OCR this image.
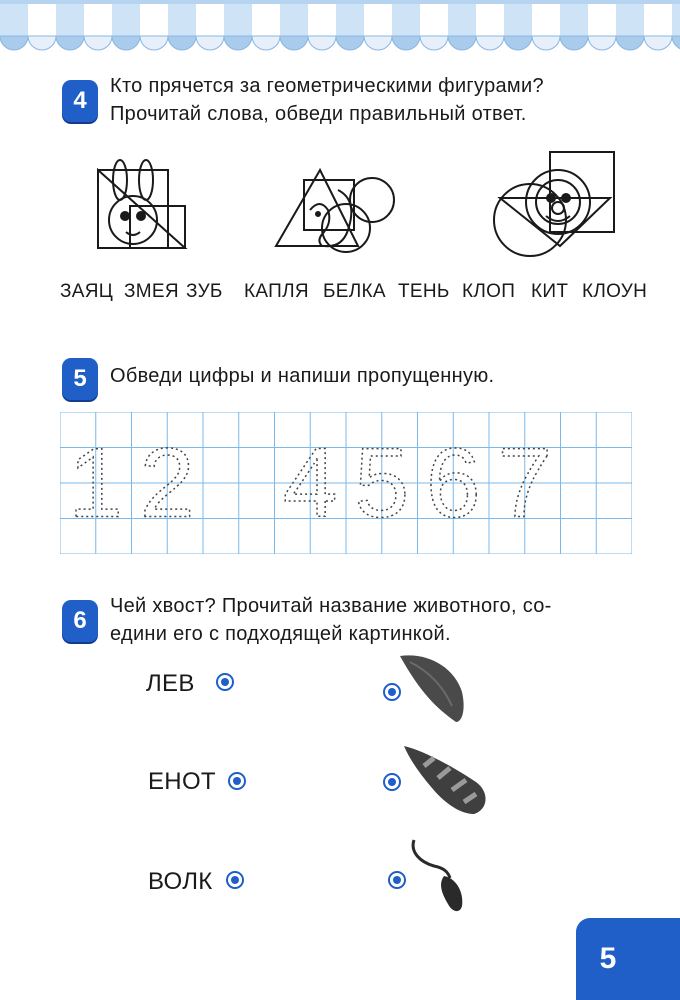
4
Кто прячется за геометрическими фигурами?
Прочитай слова, обведи правильный ответ.
ЗАЯЦ ЗМЕЯ ЗУБ КАПЛЯ БЕЛКА ТЕНЬ КЛОП КИТ КЛОУН
5	Обведи цифры и напиши пропущенную.
1 2 4 5 6 7
6
Чей хвост? Прочитай название животного, со-
едини его с подходящей картинкой.
ЛЕВ
ЕНОТ
ВОЛК
5
